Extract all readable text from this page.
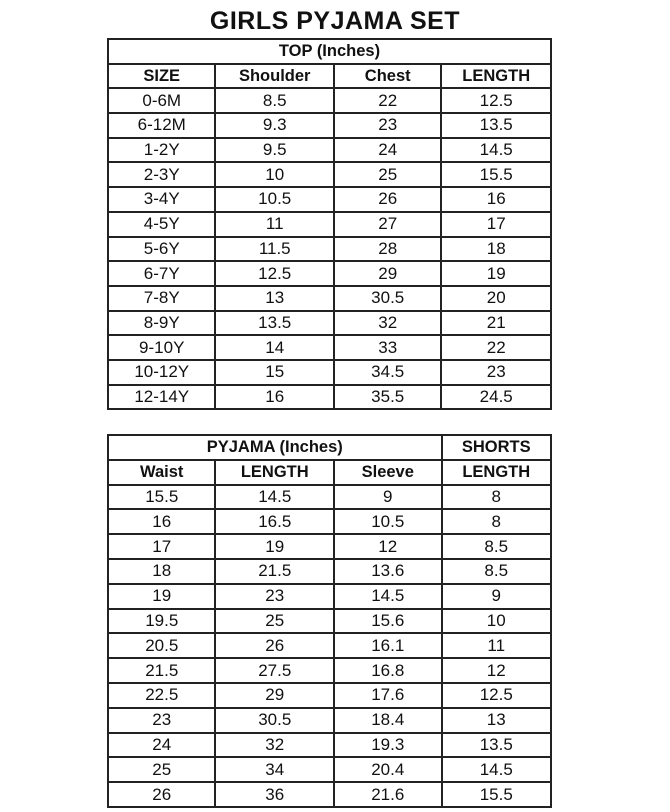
GIRLS PYJAMA SET
TOP (Inches)			
SIZE	Shoulder	Chest	LENGTH
0-6M	8.5	22	12.5
6-12M	9.3	23	13.5
1-2Y	9.5	24	14.5
2-3Y	10	25	15.5
3-4Y	10.5	26	16
4-5Y	11	27	17
5-6Y	11.5	28	18
6-7Y	12.5	29	19
7-8Y	13	30.5	20
8-9Y	13.5	32	21
9-10Y	14	33	22
10-12Y	15	34.5	23
12-14Y	16	35.5	24.5
PYJAMA (Inches)			SHORTS
Waist	LENGTH	Sleeve	LENGTH
15.5	14.5	9	8
16	16.5	10.5	8
17	19	12	8.5
18	21.5	13.6	8.5
19	23	14.5	9
19.5	25	15.6	10
20.5	26	16.1	11
21.5	27.5	16.8	12
22.5	29	17.6	12.5
23	30.5	18.4	13
24	32	19.3	13.5
25	34	20.4	14.5
26	36	21.6	15.5
